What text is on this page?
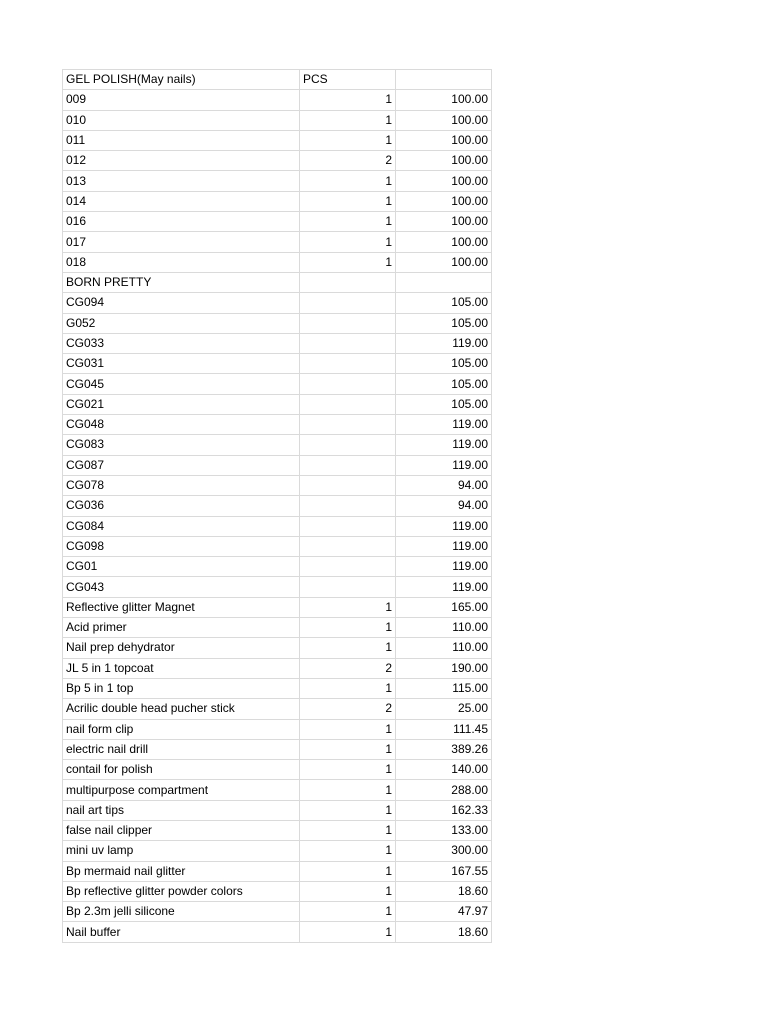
GEL POLISH(May nails)	PCS	
009	1	100.00
010	1	100.00
011	1	100.00
012	2	100.00
013	1	100.00
014	1	100.00
016	1	100.00
017	1	100.00
018	1	100.00
BORN PRETTY		
CG094		105.00
G052		105.00
CG033		119.00
CG031		105.00
CG045		105.00
CG021		105.00
CG048		119.00
CG083		119.00
CG087		119.00
CG078		94.00
CG036		94.00
CG084		119.00
CG098		119.00
CG01		119.00
CG043		119.00
Reflective glitter Magnet	1	165.00
Acid primer	1	110.00
Nail prep dehydrator	1	110.00
JL 5 in 1 topcoat	2	190.00
Bp 5 in 1 top	1	115.00
Acrilic double head pucher stick	2	25.00
nail form clip	1	111.45
electric nail drill	1	389.26
contail for polish	1	140.00
multipurpose compartment	1	288.00
nail art tips	1	162.33
false nail clipper	1	133.00
mini uv lamp	1	300.00
Bp mermaid nail glitter	1	167.55
Bp reflective glitter powder colors	1	18.60
Bp 2.3m jelli silicone	1	47.97
Nail buffer	1	18.60
